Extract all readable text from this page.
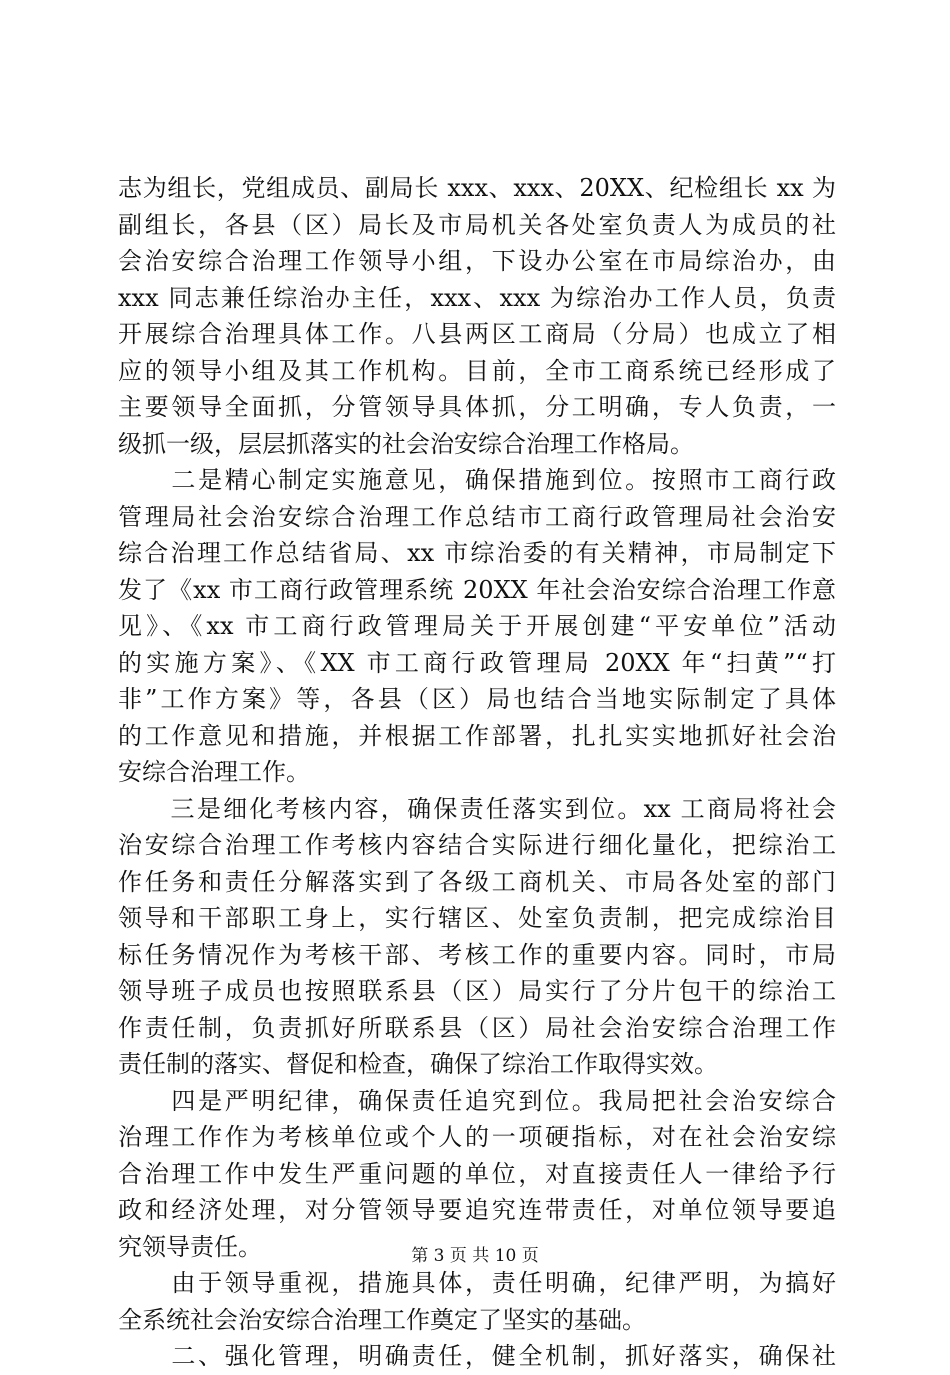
志为组长，党组成员、副局长 xxx、xxx、20XX、纪检组长 xx 为
副组长，各县（区）局长及市局机关各处室负责人为成员的社
会治安综合治理工作领导小组，下设办公室在市局综治办，由
xxx 同志兼任综治办主任，xxx、xxx 为综治办工作人员，负责
开展综合治理具体工作。八县两区工商局（分局）也成立了相
应的领导小组及其工作机构。目前，全市工商系统已经形成了
主要领导全面抓，分管领导具体抓，分工明确，专人负责，一
级抓一级，层层抓落实的社会治安综合治理工作格局。
　　二是精心制定实施意见，确保措施到位。按照市工商行政
管理局社会治安综合治理工作总结市工商行政管理局社会治安
综合治理工作总结省局、xx 市综治委的有关精神，市局制定下
发了《xx 市工商行政管理系统 20XX 年社会治安综合治理工作意
见》、《xx 市工商行政管理局关于开展创建“平安单位”活动
的实施方案》、《XX 市工商行政管理局 20XX 年“扫黄”“打
非”工作方案》等，各县（区）局也结合当地实际制定了具体
的工作意见和措施，并根据工作部署，扎扎实实地抓好社会治
安综合治理工作。
　　三是细化考核内容，确保责任落实到位。xx 工商局将社会
治安综合治理工作考核内容结合实际进行细化量化，把综治工
作任务和责任分解落实到了各级工商机关、市局各处室的部门
领导和干部职工身上，实行辖区、处室负责制，把完成综治目
标任务情况作为考核干部、考核工作的重要内容。同时，市局
领导班子成员也按照联系县（区）局实行了分片包干的综治工
作责任制，负责抓好所联系县（区）局社会治安综合治理工作
责任制的落实、督促和检查，确保了综治工作取得实效。
　　四是严明纪律，确保责任追究到位。我局把社会治安综合
治理工作作为考核单位或个人的一项硬指标，对在社会治安综
合治理工作中发生严重问题的单位，对直接责任人一律给予行
政和经济处理，对分管领导要追究连带责任，对单位领导要追
究领导责任。
　　由于领导重视，措施具体，责任明确，纪律严明，为搞好
全系统社会治安综合治理工作奠定了坚实的基础。
　　二、强化管理，明确责任，健全机制，抓好落实，确保社
第 3 页 共 10 页
